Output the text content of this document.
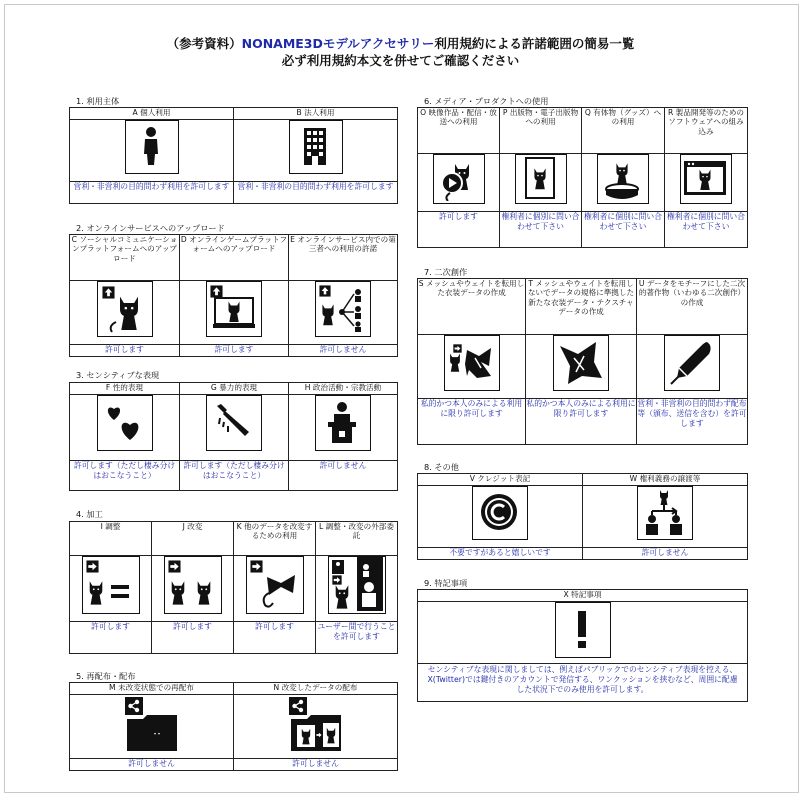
（参考資料）NONAME3Dモデルアクセサリー利用規約による許諾範囲の簡易一覧
必ず利用規約本文を併せてご確認ください
1. 利用主体
A 個人利用	B 法人利用

営利・非営利の目的問わず利用を許可します	営利・非営利の目的問わず利用を許可します
2. オンラインサービスへのアップロード
C ソーシャルコミュニケーションプラットフォームへのアップロード	D オンラインゲームプラットフォームへのアップロード	E オンラインサービス内での第三者への利用の許諾

許可します	許可します	許可しません
3. センシティブな表現
F 性的表現	G 暴力的表現	H 政治活動・宗教活動

許可します（ただし棲み分けはおこなうこと）	許可します（ただし棲み分けはおこなうこと）	許可しません
4. 加工
I 調整	J 改変	K 他のデータを改変するための利用	L 調整・改変の外部委託

許可します	許可します	許可します	ユーザー間で行うことを許可します
5. 再配布・配布
M 未改変状態での再配布	N 改変したデータの配布

許可しません	許可しません
6. メディア・プロダクトへの使用
O 映像作品・配信・放送への利用	P 出版物・電子出版物への利用	Q 有体物（グッズ）への利用	R 製品開発等のためのソフトウェアへの組み込み

許可します	権利者に個別に問い合わせて下さい	権利者に個別に問い合わせて下さい	権利者に個別に問い合わせて下さい
7. 二次創作
S メッシュやウェイトを転用した衣装データの作成	T メッシュやウェイトを転用しないでデータの規格に準拠した新たな衣装データ・テクスチャデータの作成	U データをモチーフにした二次的著作物（いわゆる二次創作）の作成

私的かつ本人のみによる利用に限り許可します	私的かつ本人のみによる利用に限り許可します	営利・非営利の目的問わず配布等（頒布、送信を含む）を許可します
8. その他
V クレジット表記	W 権利義務の譲渡等

不要ですがあると嬉しいです	許可しません
9. 特記事項
X 特記事項

センシティブな表現に関しましては、例えばパブリックでのセンシティブ表現を控える、X(Twitter)では鍵付きのアカウントで発信する、ワンクッションを挟むなど、周囲に配慮した状況下でのみ使用を許可します。
